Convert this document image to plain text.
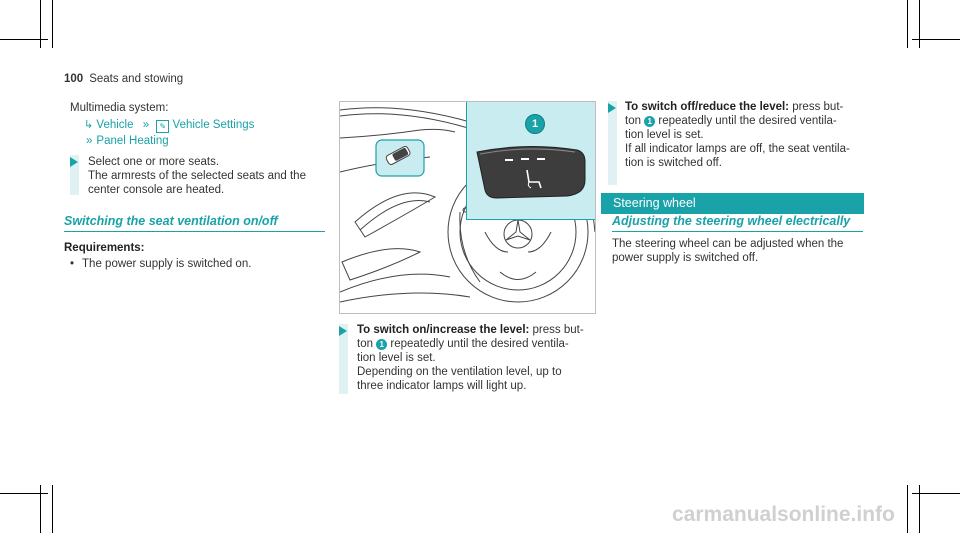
100 Seats and stowing
Multimedia system:
↳ Vehicle » ✎ Vehicle Settings
» Panel Heating
Select one or more seats.
The armrests of the selected seats and the
center console are heated.
Switching the seat ventilation on/off
Requirements:
• The power supply is switched on.
1
To switch on/increase the level: press but-
ton 1 repeatedly until the desired ventila-
tion level is set.
Depending on the ventilation level, up to
three indicator lamps will light up.
To switch off/reduce the level: press but-
ton 1 repeatedly until the desired ventila-
tion level is set.
If all indicator lamps are off, the seat ventila-
tion is switched off.
Steering wheel
Adjusting the steering wheel electrically
The steering wheel can be adjusted when the
power supply is switched off.
carmanualsonline.info
